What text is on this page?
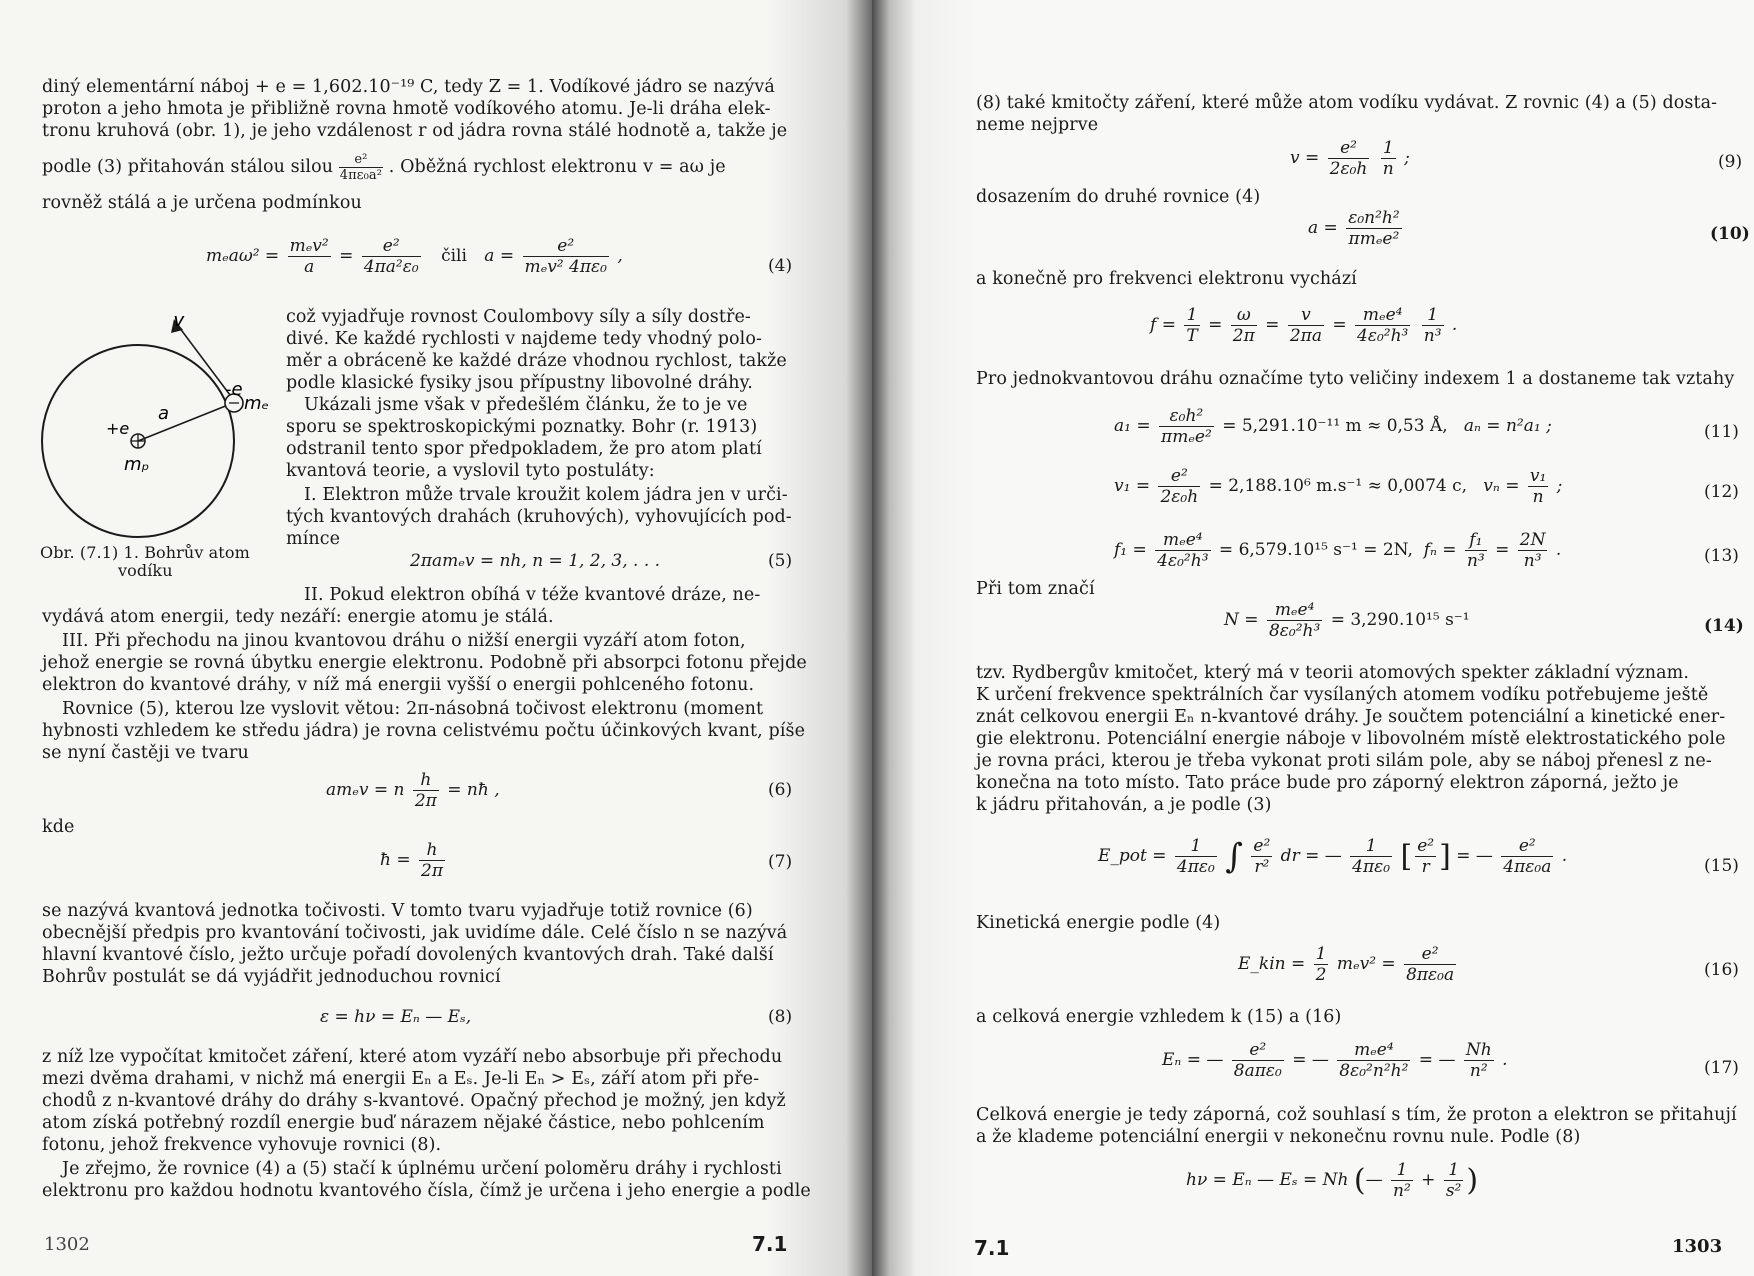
diný elementární náboj + e = 1,602.10⁻¹⁹ C, tedy Z = 1. Vodíkové jádro se nazývá
proton a jeho hmota je přibližně rovna hmotě vodíkového atomu. Je-li dráha elek-
tronu kruhová (obr. 1), je jeho vzdálenost r od jádra rovna stálé hodnotě a, takže je
podle (3) přitahován stálou silou $\frac{\text{e²}}{\text{4πε₀a²}}$ . Oběžná rychlost elektronu v = aω je
rovněž stálá a je určena podmínkou
$m_ea\omega^2 = \frac{\text{mₑv²}}{a} = \frac{\text{e²}}{\text{4πa²ε₀}}$ čili $a = \frac{\text{e²}}{\text{mₑv² 4πε₀}}$ ,	(4)
v
-e
mₑ
a
+e
mₚ
Obr. (7.1) 1. Bohrův atom
vodíku
což vyjadřuje rovnost Coulombovy síly a síly dostře-
divé. Ke každé rychlosti v najdeme tedy vhodný polo-
měr a obráceně ke každé dráze vhodnou rychlost, takže
podle klasické fysiky jsou přípustny libovolné dráhy.
Ukázali jsme však v předešlém článku, že to je ve
sporu se spektroskopickými poznatky. Bohr (r. 1913)
odstranil tento spor předpokladem, že pro atom platí
kvantová teorie, a vyslovil tyto postuláty:
I. Elektron může trvale kroužit kolem jádra jen v urči-
tých kvantových drahách (kruhových), vyhovujících pod-
mínce
2πamₑv = nh, n = 1, 2, 3, . . .	(5)
II. Pokud elektron obíhá v téže kvantové dráze, ne-
vydává atom energii, tedy nezáří: energie atomu je stálá.
III. Při přechodu na jinou kvantovou dráhu o nižší energii vyzáří atom foton,
jehož energie se rovná úbytku energie elektronu. Podobně při absorpci fotonu přejde
elektron do kvantové dráhy, v níž má energii vyšší o energii pohlceného fotonu.
Rovnice (5), kterou lze vyslovit větou: 2π-násobná točivost elektronu (moment
hybnosti vzhledem ke středu jádra) je rovna celistvému počtu účinkových kvant, píše
se nyní častěji ve tvaru
amₑv = n $\frac{h}{2\pi}$ = nħ ,	(6)
kde
ħ = $\frac{h}{2\pi}$	(7)
se nazývá kvantová jednotka točivosti. V tomto tvaru vyjadřuje totiž rovnice (6)
obecnější předpis pro kvantování točivosti, jak uvidíme dále. Celé číslo n se nazývá
hlavní kvantové číslo, ježto určuje pořadí dovolených kvantových drah. Také další
Bohrův postulát se dá vyjádřit jednoduchou rovnicí
ε = hν = Eₙ — Eₛ,	(8)
z níž lze vypočítat kmitočet záření, které atom vyzáří nebo absorbuje při přechodu
mezi dvěma drahami, v nichž má energii Eₙ a Eₛ. Je-li Eₙ > Eₛ, září atom při pře-
chodů z n-kvantové dráhy do dráhy s-kvantové. Opačný přechod je možný, jen když
atom získá potřebný rozdíl energie buď nárazem nějaké částice, nebo pohlcením
fotonu, jehož frekvence vyhovuje rovnici (8).
Je zřejmo, že rovnice (4) a (5) stačí k úplnému určení poloměru dráhy i rychlosti
elektronu pro každou hodnotu kvantového čísla, čímž je určena i jeho energie a podle
1302	7.1
(8) také kmitočty záření, které může atom vodíku vydávat. Z rovnic (4) a (5) dosta-
neme nejprve
$v = \frac{\text{e²}}{\text{2ε₀h}}$
$\frac{1}{n}$ ;	(9)
dosazením do druhé rovnice (4)
$a = \frac{\text{ε₀n²h²}}{\text{πmₑe²}}$	(10)
a konečně pro frekvenci elektronu vychází
$f = \frac{1}{T} = \frac{\omega}{2\pi} = \frac{v}{2\pi a} = \frac{\text{mₑe⁴}}{\text{4ε₀²h³}}$
$\frac{1}{\text{n³}}$ .
Pro jednokvantovou dráhu označíme tyto veličiny indexem 1 a dostaneme tak vztahy
$a_1 = \frac{\text{ε₀h²}}{\text{πmₑe²}} = 5,291.10^{-11}$ m ≈ 0,53 Å, aₙ = n²a₁ ;	(11)
$v_1 = \frac{\text{e²}}{\text{2ε₀h}} = 2,188.10^6$ m.s⁻¹ ≈ 0,0074 c, $v_n = \frac{\text{v₁}}{n}$ ;	(12)
$f_1 = \frac{\text{mₑe⁴}}{\text{4ε₀²h³}} = 6,579.10^{15}$ s⁻¹ = 2N, $f_n = \frac{\text{f₁}}{\text{n³}} = \frac{2N}{\text{n³}}$ .	(13)
Při tom značí
$N = \frac{\text{mₑe⁴}}{\text{8ε₀²h³}} = 3,290.10^{15}$ s⁻¹	(14)
tzv. Rydbergův kmitočet, který má v teorii atomových spekter základní význam.
K určení frekvence spektrálních čar vysílaných atomem vodíku potřebujeme ještě
znát celkovou energii Eₙ n-kvantové dráhy. Je součtem potenciální a kinetické ener-
gie elektronu. Potenciální energie náboje v libovolném místě elektrostatického pole
je rovna práci, kterou je třeba vykonat proti silám pole, aby se náboj přenesl z ne-
konečna na toto místo. Tato práce bude pro záporný elektron záporná, ježto je
k jádru přitahován, a je podle (3)
E_pot = $\frac{1}{\text{4πε₀}}$ ∫ $\frac{\text{e²}}{\text{r²}}$ dr = — $\frac{1}{\text{4πε₀}}$ [ $\frac{\text{e²}}{r}$ ] = — $\frac{\text{e²}}{\text{4πε₀a}}$ .	(15)
Kinetická energie podle (4)
E_kin = $\frac{1}{2} m_ev^2 = \frac{\text{e²}}{\text{8πε₀a}}$	(16)
a celková energie vzhledem k (15) a (16)
Eₙ = — $\frac{\text{e²}}{\text{8aπε₀}}$ = — $\frac{\text{mₑe⁴}}{\text{8ε₀²n²h²}}$ = — $\frac{Nh}{\text{n²}}$ .	(17)
Celková energie je tedy záporná, což souhlasí s tím, že proton a elektron se přitahují
a že klademe potenciální energii v nekonečnu rovnu nule. Podle (8)
hν = Eₙ — Eₛ = Nh (— $\frac{1}{\text{n²}} + \frac{1}{\text{s²}}$ )
7.1	1303
